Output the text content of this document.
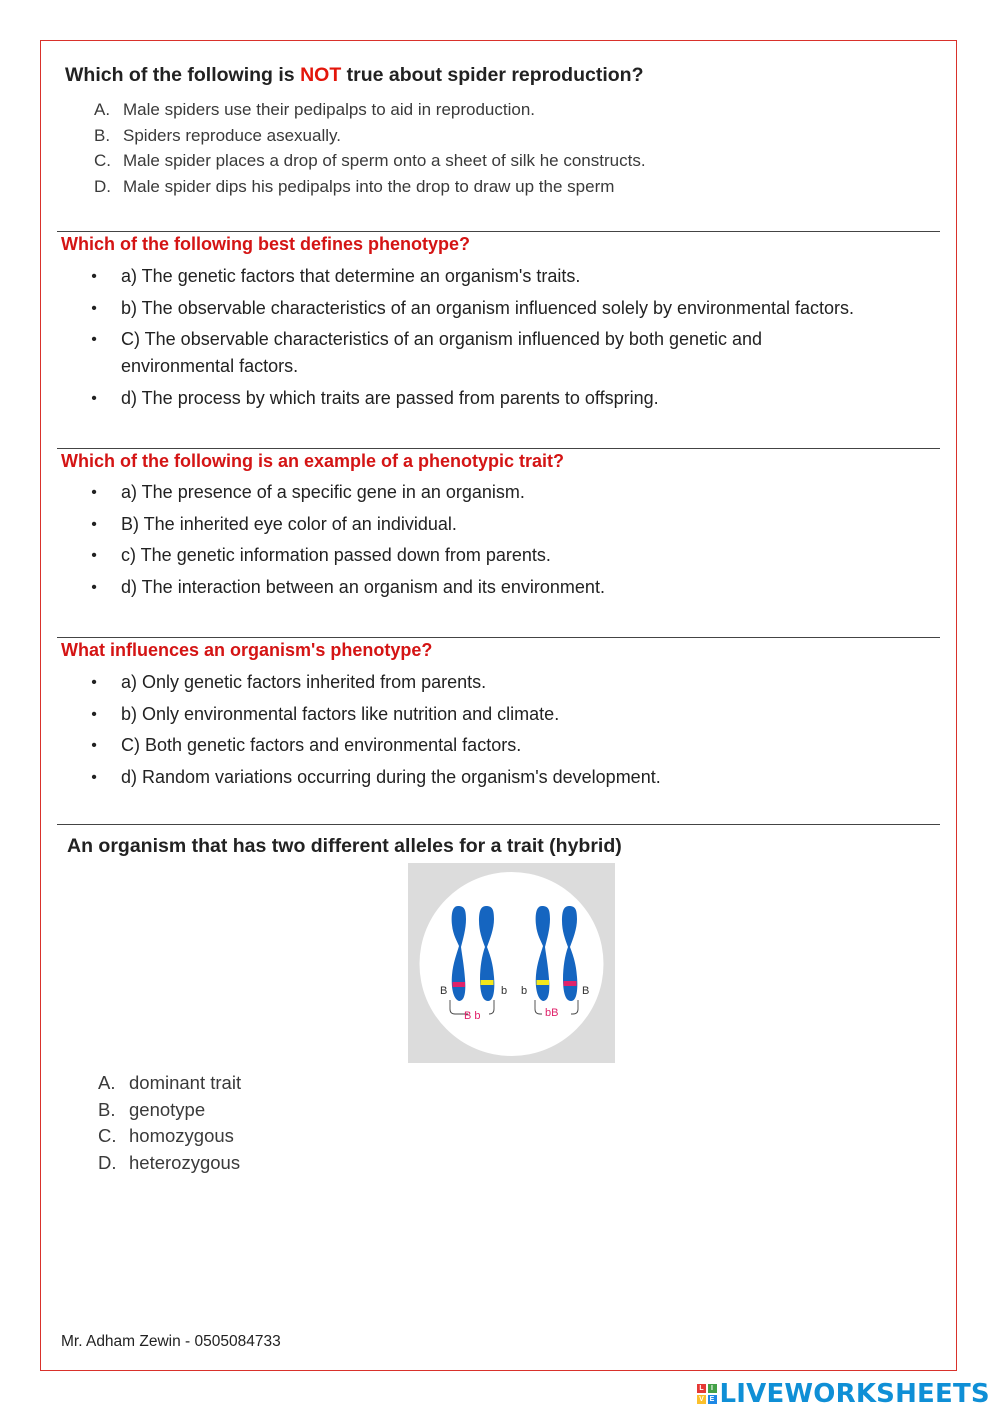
Which of the following is NOT true about spider reproduction?
A. Male spiders use their pedipalps to aid in reproduction.
B. Spiders reproduce asexually.
C. Male spider places a drop of sperm onto a sheet of silk he constructs.
D. Male spider dips his pedipalps into the drop to draw up the sperm
Which of the following best defines phenotype?
• a) The genetic factors that determine an organism's traits.
• b) The observable characteristics of an organism influenced solely by environmental factors.
• C) The observable characteristics of an organism influenced by both genetic and environmental factors.
• d) The process by which traits are passed from parents to offspring.
Which of the following is an example of a phenotypic trait?
• a) The presence of a specific gene in an organism.
• B) The inherited eye color of an individual.
• c) The genetic information passed down from parents.
• d) The interaction between an organism and its environment.
What influences an organism's phenotype?
• a) Only genetic factors inherited from parents.
• b) Only environmental factors like nutrition and climate.
• C) Both genetic factors and environmental factors.
• d) Random variations occurring during the organism's development.
An organism that has two different alleles for a trait (hybrid)
B	b
B b
b	B
bB
A. dominant trait
B. genotype
C. homozygous
D. heterozygous
Mr. Adham Zewin - 0505084733
L	I
V E LIVEWORKSHEETS
